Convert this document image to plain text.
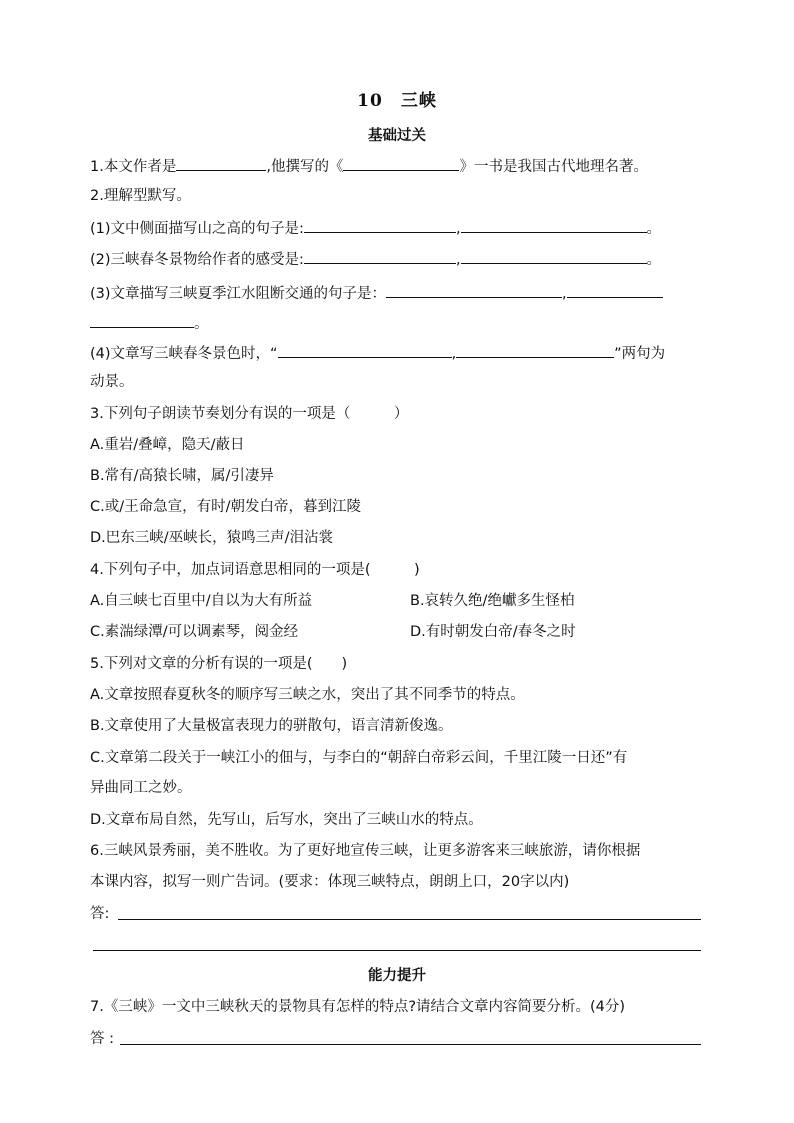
10　三峡
基础过关
1.本文作者是	,他撰写的《	》一书是我国古代地理名著。
2.理解型默写。
(1)文中侧面描写山之高的句子是:	,	。
(2)三峡春冬景物给作者的感受是:	,	。
(3)文章描写三峡夏季江水阻断交通的句子是：	,
。
(4)文章写三峡春冬景色时，“	,	”两句为
动景。
3.下列句子朗读节奏划分有误的一项是（　　　）
A.重岩/叠嶂，隐天/蔽日
B.常有/高猿长啸，属/引凄异
C.或/王命急宣，有时/朝发白帝，暮到江陵
D.巴东三峡/巫峡长，猿鸣三声/泪沾裳
4.下列句子中，加点词语意思相同的一项是(　　　)
A.自三峡七百里中/自以为大有所益	B.哀转久绝/绝巘多生怪柏
C.素湍绿潭/可以调素琴，阅金经	D.有时朝发白帝/春冬之时
5.下列对文章的分析有误的一项是(　　)
A.文章按照春夏秋冬的顺序写三峡之水，突出了其不同季节的特点。
B.文章使用了大量极富表现力的骈散句，语言清新俊逸。
C.文章第二段关于一峡江小的佃与，与李白的“朝辞白帝彩云间，千里江陵一日还”有
异曲同工之妙。
D.文章布局自然，先写山，后写水，突出了三峡山水的特点。
6.三峡风景秀丽，美不胜收。为了更好地宣传三峡，让更多游客来三峡旅游，请你根据
本课内容，拟写一则广告词。(要求：体现三峡特点，朗朗上口，20字以内)
答:
能力提升
7.《三峡》一文中三峡秋天的景物具有怎样的特点?请结合文章内容简要分析。(4分)
答 :
